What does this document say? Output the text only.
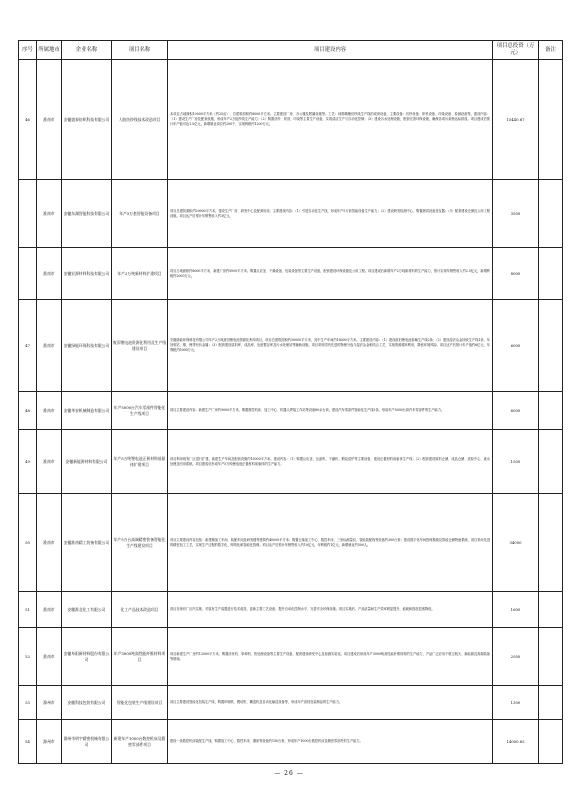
序号	所属地市	企业名称	项目名称	项目建设内容	项目总投资（万元）	备注
46	淮南市	安徽盛泰纺织科技有限公司	人胶纺纱线技术改造项目	本项目占地面积10000平方米（约25亩），总建筑面积约8000平方米。主要建设厂房、办公楼及附属设施等。工艺：纯棉精梳纺纱线生产线的成套设备。主要设备：纺纱设备、织机设备、印染设备、检测设备等。建设内容：（1）建设生产厂房及配套设施，形成年产2万锭纱线生产能力；（2）购置纺纱、织造、印染等主要生产设备，实现清洁生产与自动化控制；（3）建设污水处理设施，配套完善环保设施，确保各项污染物达标排放。项目建成后预计年产值可达1.5亿元，新增就业岗位约200个，实现利税约1200万元。	15440.67	
	淮南市	安徽东湖智能科技有限公司	年产5万套智能设备项目	项目总建筑面积约20000平方米，建设生产厂房、研发中心及配套用房。主要建设内容：（1）引进自动化生产线，形成年产5万套智能设备生产能力；（2）建设研发检测中心，购置测试设备及仪器；（3）配套建设仓储及公用工程设施。项目达产后预计年销售收入约3亿元。	3500	
	淮南市	安徽宏源材料科技有限公司	年产2万吨新材料扩建项目	项目占地面积约8000平方米，新建厂房约5000平方米。购置反应釜、干燥设备、包装设备等主要生产设备，配套建设环保设施及公用工程。项目建成后新增年产2万吨新材料的生产能力，预计实现年销售收入约2.5亿元，新增利税约2000万元。	8000	
47	淮南市	安徽绿能环保科技有限公司	废旧锂电池资源化利用及生产线建设项目	安徽绿能环保科技有限公司年产2万吨废旧锂电池资源化利用项目，项目总建筑面积约30000平方米，其中生产车间约18000平方米。主要建设内容：（1）建设废旧锂电池拆解生产线2条；（2）建设湿法冶金回收生产线1条，年回收钴、镍、锂等有价金属；（3）配套建设原料库、成品库、危废暂存库及污水处理站等辅助设施。项目采用国内先进的物理分选与湿法冶金相结合工艺，实现资源循环利用，降低环境风险。项目达产后预计年产值约6亿元，年利税约5000万元。	6000	
48	淮南市	安徽华安机械制造有限公司	年产5000台汽车零部件智能化生产线项目	项目主要建设内容：新建生产厂房约9000平方米，购置数控机床、加工中心、机器人焊接工作站等设备80余台套，建设汽车零部件智能化生产线3条，形成年产5000台套汽车零部件的生产能力。	6000	
49	淮南市	安徽新能源材料有限公司	年产5万吨锂电池正极材料前驱体扩建项目	项目利用现有厂区进行扩建，新建生产车间及配套设施约15000平方米。建设内容：（1）购置反应釜、压滤机、干燥机、煅烧窑炉等主要设备，建设正极材料前驱体生产线；（2）配套建设原料仓储、成品仓储、质检中心、废水处理及回用系统。项目建成后形成年产5万吨锂电池正极材料前驱体的生产能力。	1500	
50	淮南市	安徽淮南精工装备有限公司	年产5万台高端精密装备智能化生产线建设项目	项目主要建设内容包括：新建精加工车间、装配车间及研发楼等建筑约40000平方米；购置五轴加工中心、数控车床、三坐标测量仪、智能装配线等设备约300台套；建设数字化车间管理系统及智能仓储物流系统。项目采用先进的精密加工工艺，实现生产过程的数字化、网络化和智能化管理。项目达产后预计年销售收入约10亿元，年利税约1亿元，新增就业约500人。	34000	
51	淮南市	安徽淮北化工有限公司	化工产品技术改造项目	项目在现有厂区内实施，对原有生产装置进行技术改造，更新主要工艺设备，提升自动化控制水平，完善安全环保设施。项目实施后，产品质量和生产效率明显提升，能耗和排放显著降低。	1600	
52	淮南市	安徽阜阳新材料股份有限公司	年产3000吨高性能纤维材料项目	项目新建生产厂房约12000平方米，购置纺丝机、牵伸机、热处理设备等主要生产设备，配套建设研发中心及检测实验室。项目建成后形成年产3000吨高性能纤维材料的生产能力，产品广泛应用于航空航天、新能源及高端装备等领域。	2500	
53	滁州市	安徽科技包装有限公司	智能化包装生产线建设项目	项目主要建设智能化包装生产线，购置印刷机、模切机、糊盒机及自动化输送设备等，形成年产高档包装制品的生产能力。	1300	
54	滁州市	滁州市明宇精密机械有限公司	新建年产1000台数控机床及精密零部件项目	建设一条数控机床装配生产线，购置加工中心、数控车床、磨床等设备约150台套，形成年产1000台数控机床及精密零部件的生产能力。	14000.65	
— 26 —
